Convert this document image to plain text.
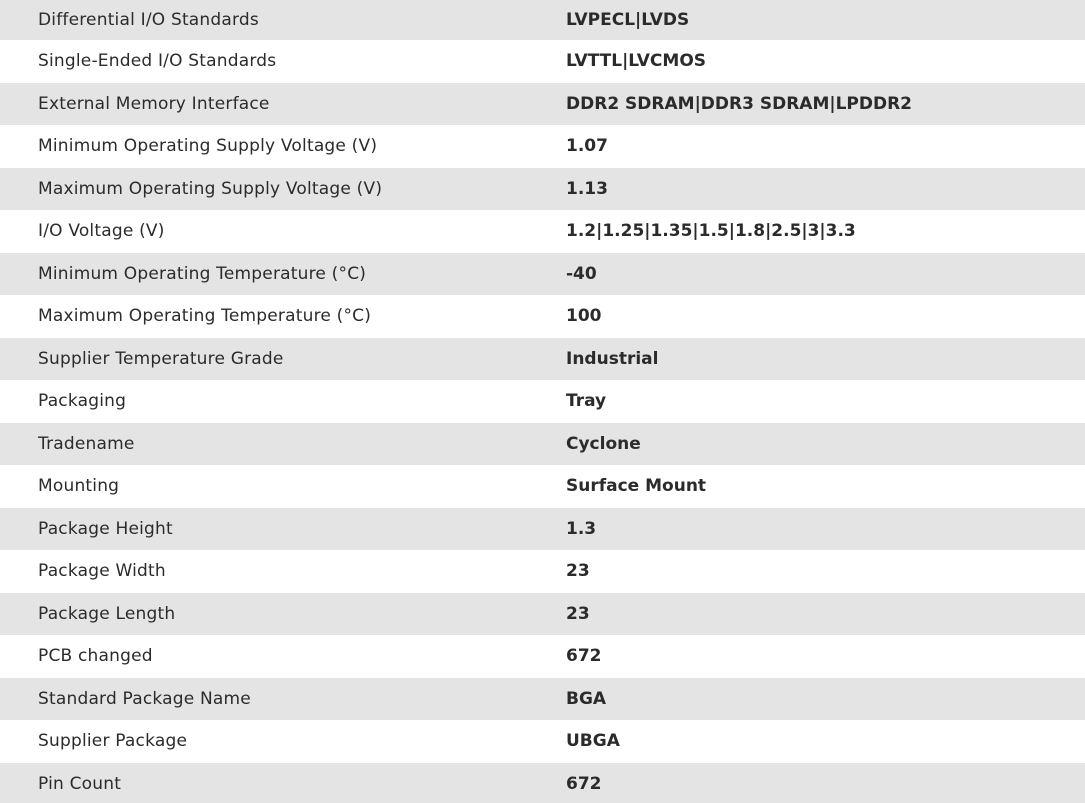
Differential I/O Standards	LVPECL|LVDS
Single-Ended I/O Standards	LVTTL|LVCMOS
External Memory Interface	DDR2 SDRAM|DDR3 SDRAM|LPDDR2
Minimum Operating Supply Voltage (V)	1.07
Maximum Operating Supply Voltage (V)	1.13
I/O Voltage (V)	1.2|1.25|1.35|1.5|1.8|2.5|3|3.3
Minimum Operating Temperature (°C)	-40
Maximum Operating Temperature (°C)	100
Supplier Temperature Grade	Industrial
Packaging	Tray
Tradename	Cyclone
Mounting	Surface Mount
Package Height	1.3
Package Width	23
Package Length	23
PCB changed	672
Standard Package Name	BGA
Supplier Package	UBGA
Pin Count	672
